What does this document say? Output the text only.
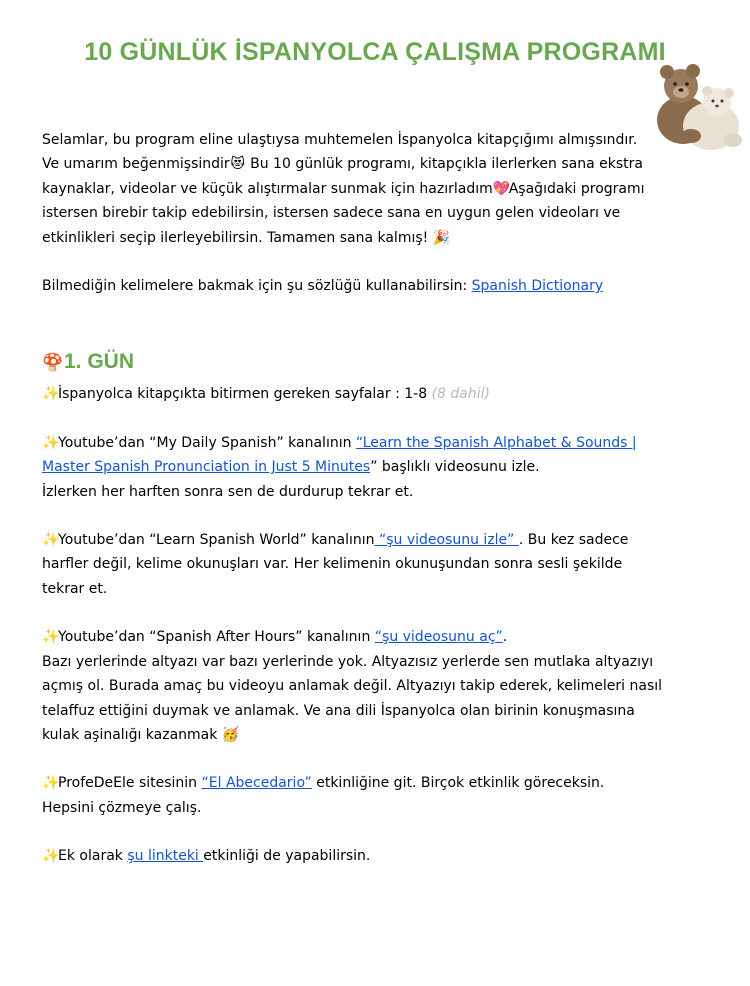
10 GÜNLÜK İSPANYOLCA ÇALIŞMA PROGRAMI

Selamlar, bu program eline ulaştıysa muhtemelen İspanyolca kitapçığımı almışsındır.

Ve umarım beğenmişsindir😻 Bu 10 günlük programı, kitapçıkla ilerlerken sana ekstra

kaynaklar, videolar ve küçük alıştırmalar sunmak için hazırladım💖Aşağıdaki programı

istersen birebir takip edebilirsin, istersen sadece sana en uygun gelen videoları ve

etkinlikleri seçip ilerleyebilirsin. Tamamen sana kalmış! 🎉

Bilmediğin kelimelere bakmak için şu sözlüğü kullanabilirsin: Spanish Dictionary

🍄1. GÜN

✨İspanyolca kitapçıkta bitirmen gereken sayfalar : 1-8 (8 dahil)

✨Youtube’dan “My Daily Spanish” kanalının “Learn the Spanish Alphabet & Sounds |

Master Spanish Pronunciation in Just 5 Minutes” başlıklı videosunu izle.

İzlerken her harften sonra sen de durdurup tekrar et.

✨Youtube’dan “Learn Spanish World” kanalının “şu videosunu izle” . Bu kez sadece

harfler değil, kelime okunuşları var. Her kelimenin okunuşundan sonra sesli şekilde

tekrar et.

✨Youtube’dan “Spanish After Hours” kanalının “şu videosunu aç”.

Bazı yerlerinde altyazı var bazı yerlerinde yok. Altyazısız yerlerde sen mutlaka altyazıyı

açmış ol. Burada amaç bu videoyu anlamak değil. Altyazıyı takip ederek, kelimeleri nasıl

telaffuz ettiğini duymak ve anlamak. Ve ana dili İspanyolca olan birinin konuşmasına

kulak aşinalığı kazanmak 🥳

✨ProfeDeEle sitesinin “El Abecedario” etkinliğine git. Birçok etkinlik göreceksin.

Hepsini çözmeye çalış.

✨Ek olarak şu linkteki etkinliği de yapabilirsin.
